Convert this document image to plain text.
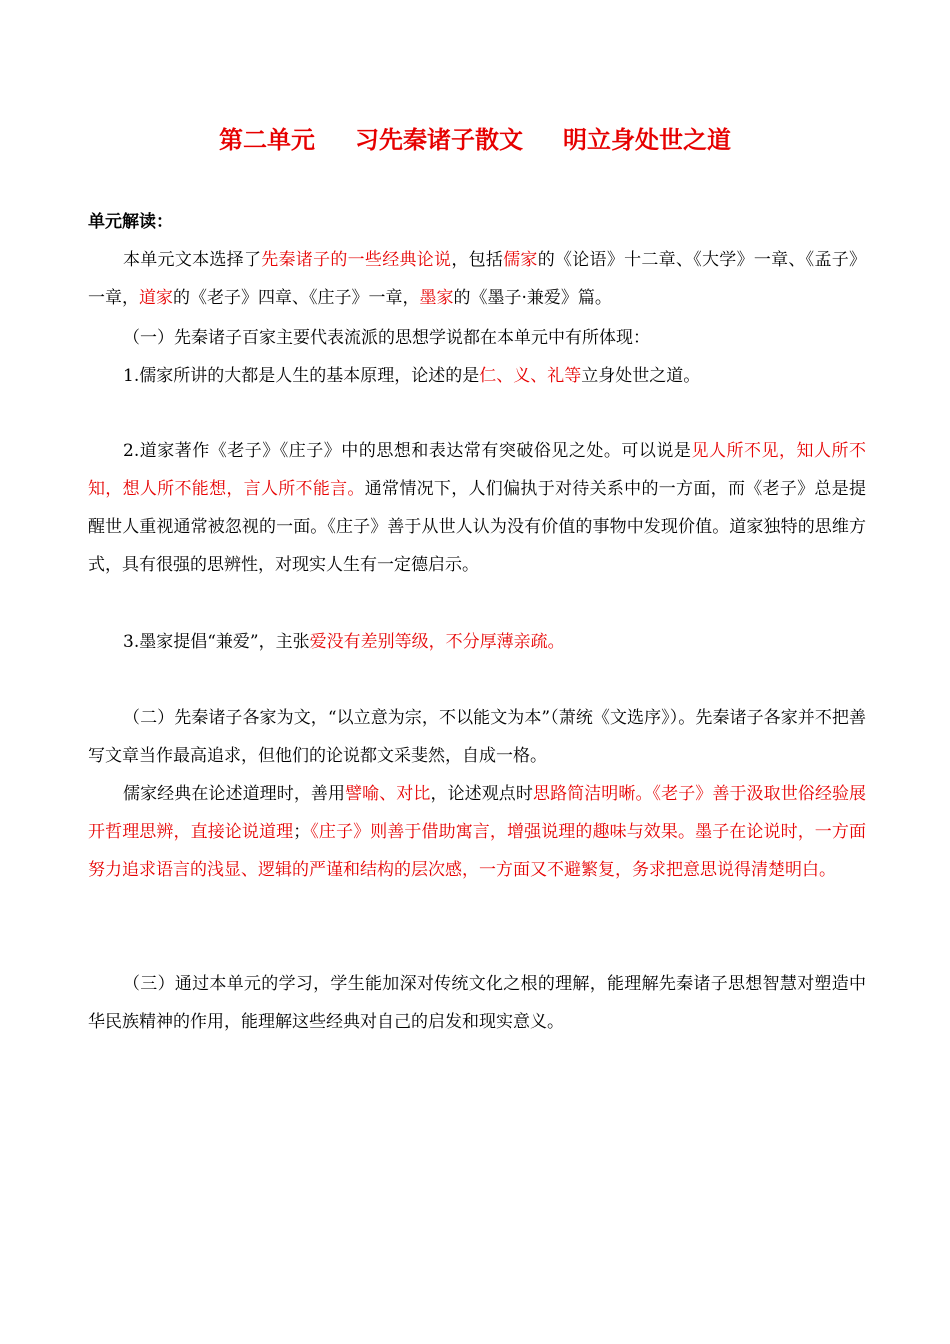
第二单元 习先秦诸子散文 明立身处世之道
单元解读：

本单元文本选择了先秦诸子的一些经典论说，包括儒家的《论语》十二章、《大学》一章、《孟子》一章，道家的《老子》四章、《庄子》一章，墨家的《墨子·兼爱》篇。

（一）先秦诸子百家主要代表流派的思想学说都在本单元中有所体现：

1.儒家所讲的大都是人生的基本原理，论述的是仁、义、礼等立身处世之道。

2.道家著作《老子》《庄子》中的思想和表达常有突破俗见之处。可以说是见人所不见，知人所不知，想人所不能想，言人所不能言。通常情况下，人们偏执于对待关系中的一方面，而《老子》总是提醒世人重视通常被忽视的一面。《庄子》善于从世人认为没有价值的事物中发现价值。道家独特的思维方式，具有很强的思辨性，对现实人生有一定德启示。

3.墨家提倡“兼爱”，主张爱没有差别等级，不分厚薄亲疏。

（二）先秦诸子各家为文，“以立意为宗，不以能文为本”（萧统《文选序》）。先秦诸子各家并不把善写文章当作最高追求，但他们的论说都文采斐然，自成一格。

儒家经典在论述道理时，善用譬喻、对比，论述观点时思路简洁明晰。《老子》善于汲取世俗经验展开哲理思辨，直接论说道理；《庄子》则善于借助寓言，增强说理的趣味与效果。墨子在论说时，一方面努力追求语言的浅显、逻辑的严谨和结构的层次感，一方面又不避繁复，务求把意思说得清楚明白。

（三）通过本单元的学习，学生能加深对传统文化之根的理解，能理解先秦诸子思想智慧对塑造中华民族精神的作用，能理解这些经典对自己的启发和现实意义。
